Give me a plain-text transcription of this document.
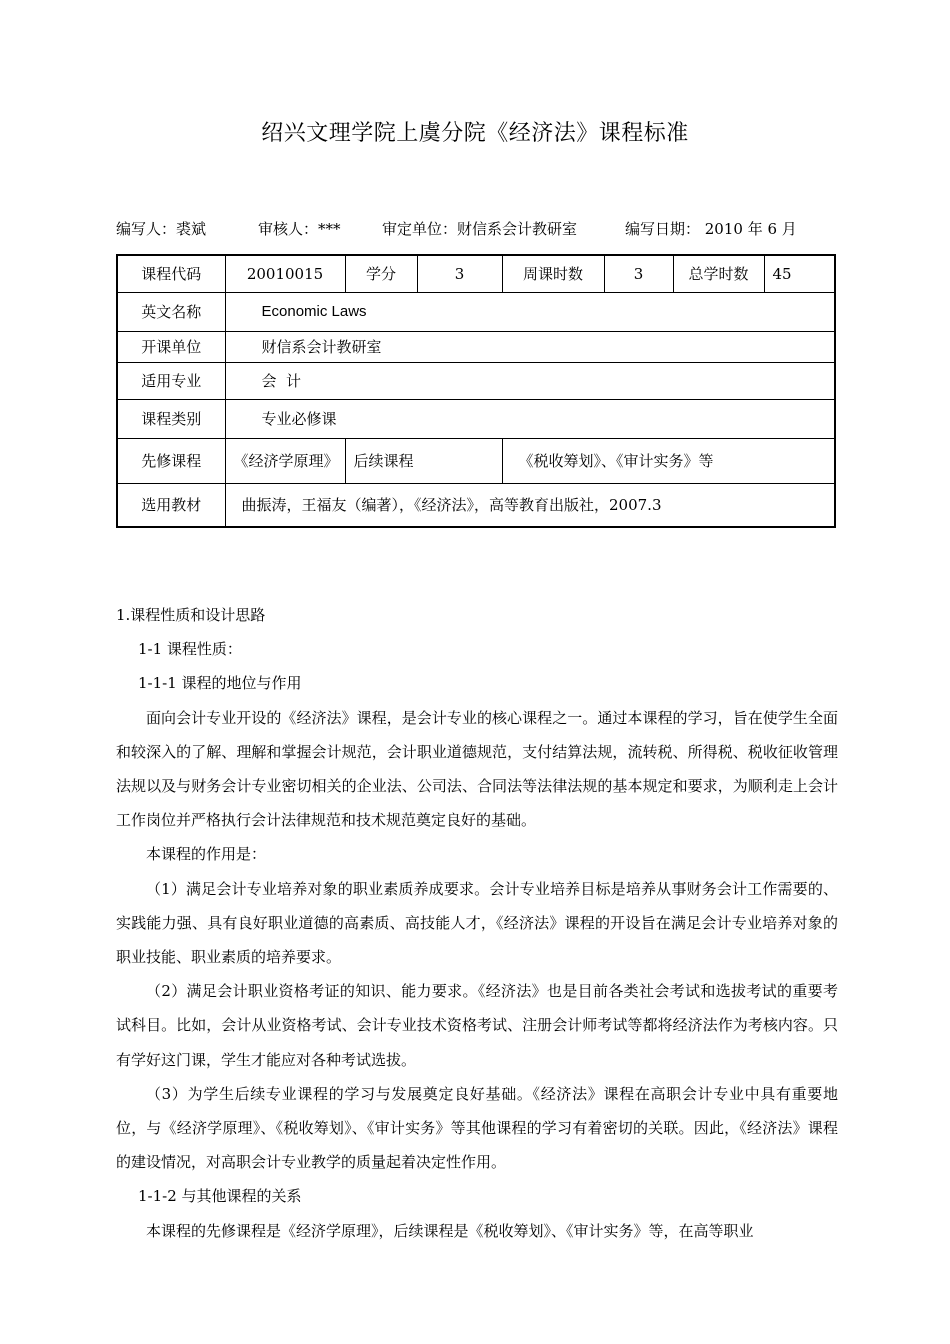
绍兴文理学院上虞分院《经济法》课程标准
编写人：裘斌	审核人：***	审定单位：财信系会计教研室	编写日期： 2010 年 6 月
课程代码	20010015	学分	3	周课时数	3	总学时数	45
英文名称	Economic Laws						
开课单位	财信系会计教研室						
适用专业	会  计						
课程类别	专业必修课						
先修课程	《经济学原理》	后续课程		《税收筹划》、《审计实务》等			
选用教材	曲振涛，王福友（编著），《经济法》，高等教育出版社，2007.3						

1.课程性质和设计思路

1-1 课程性质：

1-1-1 课程的地位与作用

面向会计专业开设的《经济法》课程，是会计专业的核心课程之一。通过本课程的学习，旨在使学生全面和较深入的了解、理解和掌握会计规范，会计职业道德规范，支付结算法规，流转税、所得税、税收征收管理法规以及与财务会计专业密切相关的企业法、公司法、合同法等法律法规的基本规定和要求，为顺利走上会计工作岗位并严格执行会计法律规范和技术规范奠定良好的基础。

本课程的作用是：

（1）满足会计专业培养对象的职业素质养成要求。会计专业培养目标是培养从事财务会计工作需要的、实践能力强、具有良好职业道德的高素质、高技能人才，《经济法》课程的开设旨在满足会计专业培养对象的职业技能、职业素质的培养要求。

（2）满足会计职业资格考证的知识、能力要求。《经济法》也是目前各类社会考试和选拔考试的重要考试科目。比如，会计从业资格考试、会计专业技术资格考试、注册会计师考试等都将经济法作为考核内容。只有学好这门课，学生才能应对各种考试选拔。

（3）为学生后续专业课程的学习与发展奠定良好基础。《经济法》课程在高职会计专业中具有重要地位，与《经济学原理》、《税收筹划》、《审计实务》等其他课程的学习有着密切的关联。因此，《经济法》课程的建设情况，对高职会计专业教学的质量起着决定性作用。

1-1-2 与其他课程的关系

本课程的先修课程是《经济学原理》，后续课程是《税收筹划》、《审计实务》等，在高等职业
